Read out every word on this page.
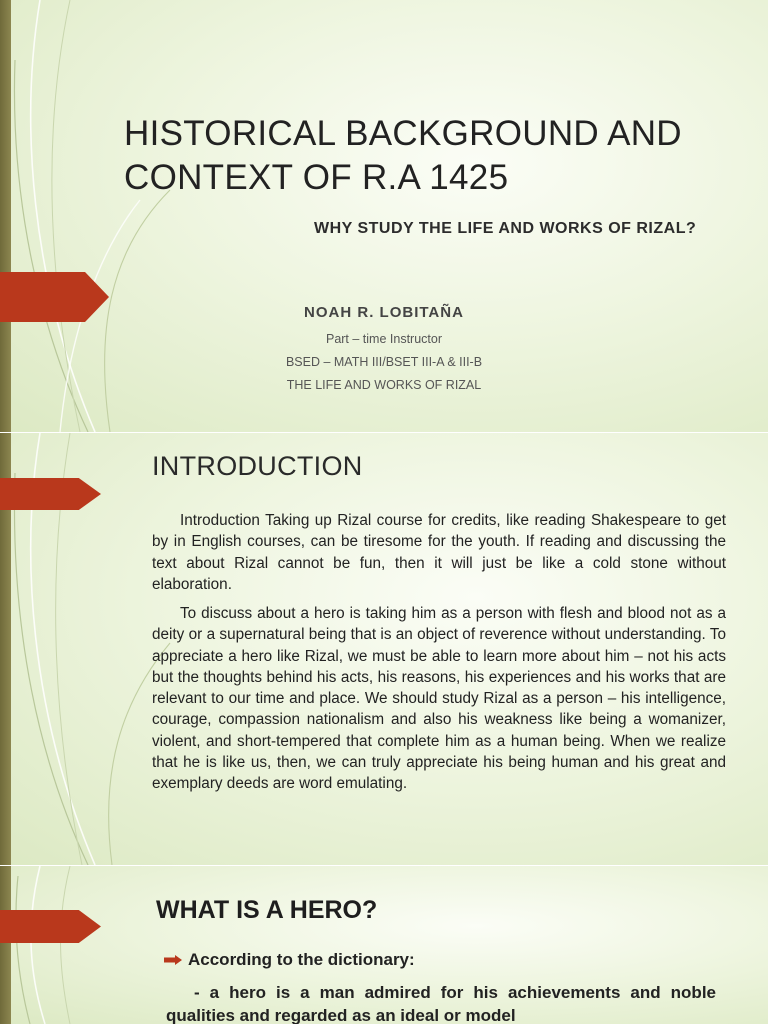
HISTORICAL BACKGROUND AND CONTEXT OF R.A 1425
WHY STUDY THE LIFE AND WORKS OF RIZAL?
NOAH R. LOBITAÑA
Part – time Instructor
BSED – MATH III/BSET III-A & III-B
THE LIFE AND WORKS OF RIZAL
INTRODUCTION

Introduction Taking up Rizal course for credits, like reading Shakespeare to get by in English courses, can be tiresome for the youth. If reading and discussing the text about Rizal cannot be fun, then it will just be like a cold stone without elaboration.

To discuss about a hero is taking him as a person with flesh and blood not as a deity or a supernatural being that is an object of reverence without understanding. To appreciate a hero like Rizal, we must be able to learn more about him – not his acts but the thoughts behind his acts, his reasons, his experiences and his works that are relevant to our time and place. We should study Rizal as a person – his intelligence, courage, compassion nationalism and also his weakness like being a womanizer, violent, and short-tempered that complete him as a human being. When we realize that he is like us, then, we can truly appreciate his being human and his great and exemplary deeds are word emulating.

WHAT IS A HERO?
According to the dictionary:
- a hero is a man admired for his achievements and noble qualities and regarded as an ideal or model
